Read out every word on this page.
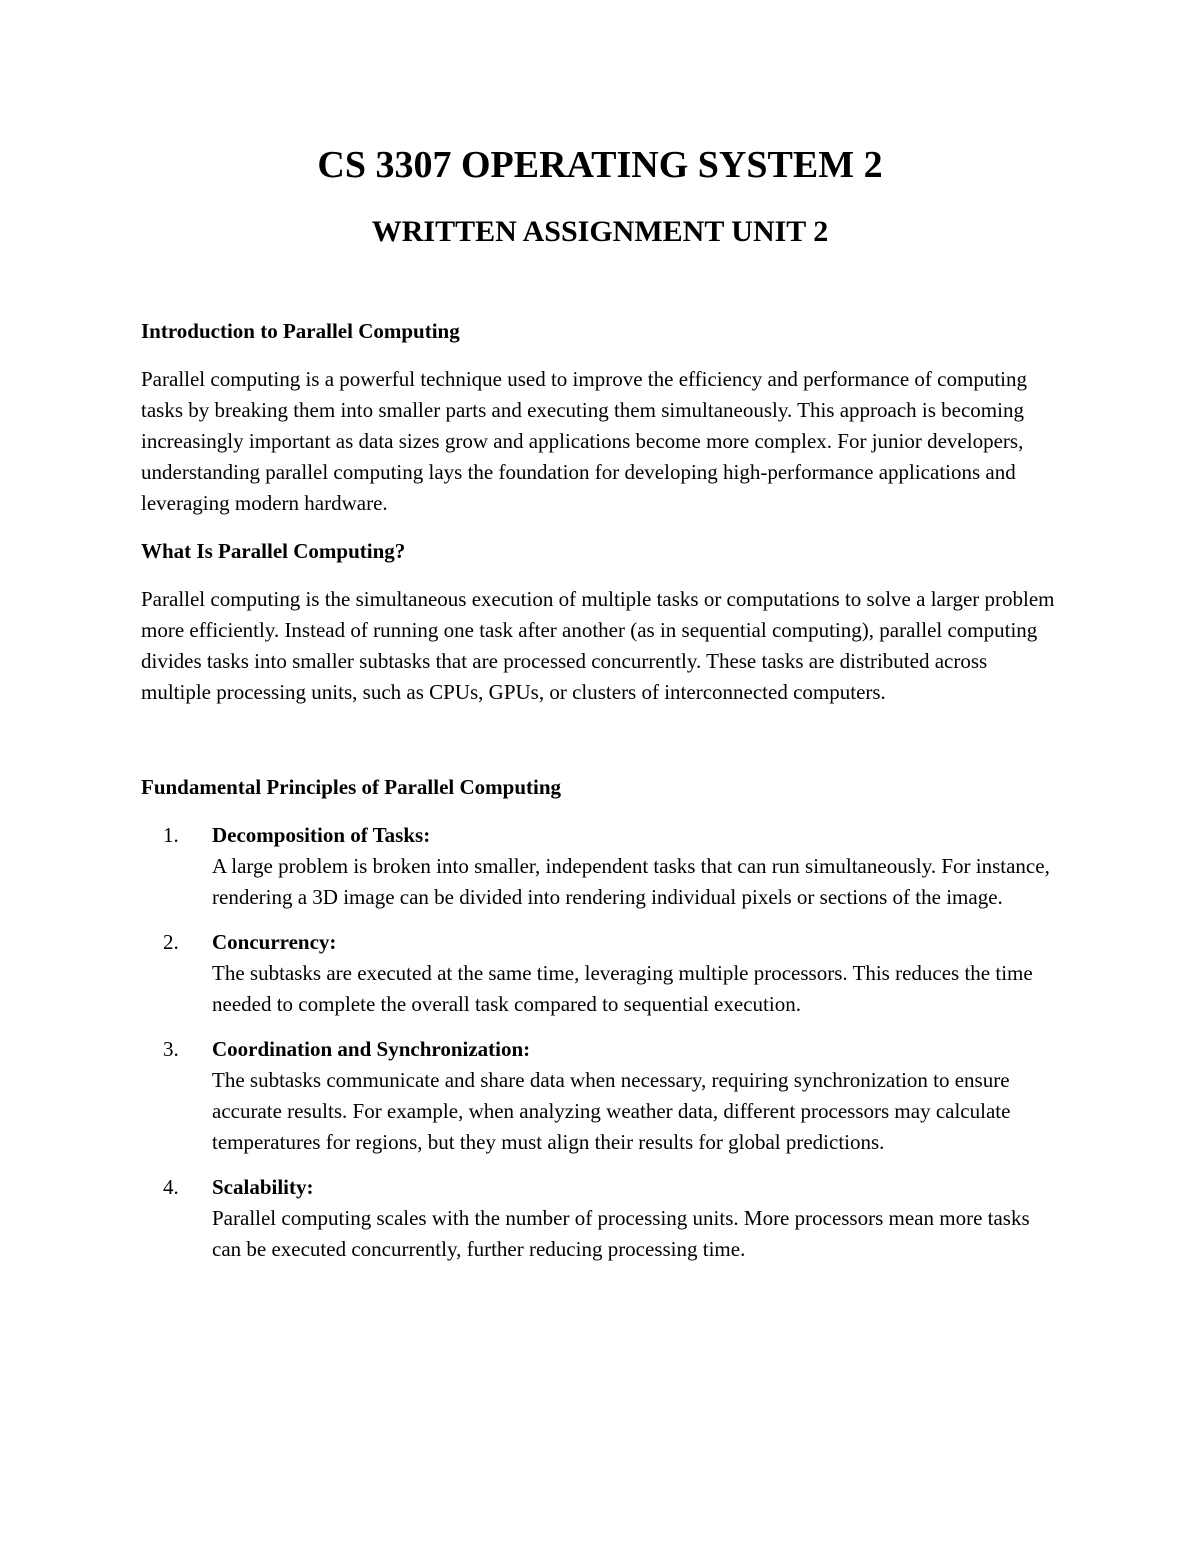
CS 3307 OPERATING SYSTEM 2
WRITTEN ASSIGNMENT UNIT 2

Introduction to Parallel Computing

Parallel computing is a powerful technique used to improve the efficiency and performance of computing tasks by breaking them into smaller parts and executing them simultaneously. This approach is becoming increasingly important as data sizes grow and applications become more complex. For junior developers, understanding parallel computing lays the foundation for developing high-performance applications and leveraging modern hardware.

What Is Parallel Computing?

Parallel computing is the simultaneous execution of multiple tasks or computations to solve a larger problem more efficiently. Instead of running one task after another (as in sequential computing), parallel computing divides tasks into smaller subtasks that are processed concurrently. These tasks are distributed across multiple processing units, such as CPUs, GPUs, or clusters of interconnected computers.

Fundamental Principles of Parallel Computing

1. Decomposition of Tasks:
A large problem is broken into smaller, independent tasks that can run simultaneously. For instance, rendering a 3D image can be divided into rendering individual pixels or sections of the image.
2. Concurrency:
The subtasks are executed at the same time, leveraging multiple processors. This reduces the time needed to complete the overall task compared to sequential execution.
3. Coordination and Synchronization:
The subtasks communicate and share data when necessary, requiring synchronization to ensure accurate results. For example, when analyzing weather data, different processors may calculate temperatures for regions, but they must align their results for global predictions.
4. Scalability:
Parallel computing scales with the number of processing units. More processors mean more tasks can be executed concurrently, further reducing processing time.
